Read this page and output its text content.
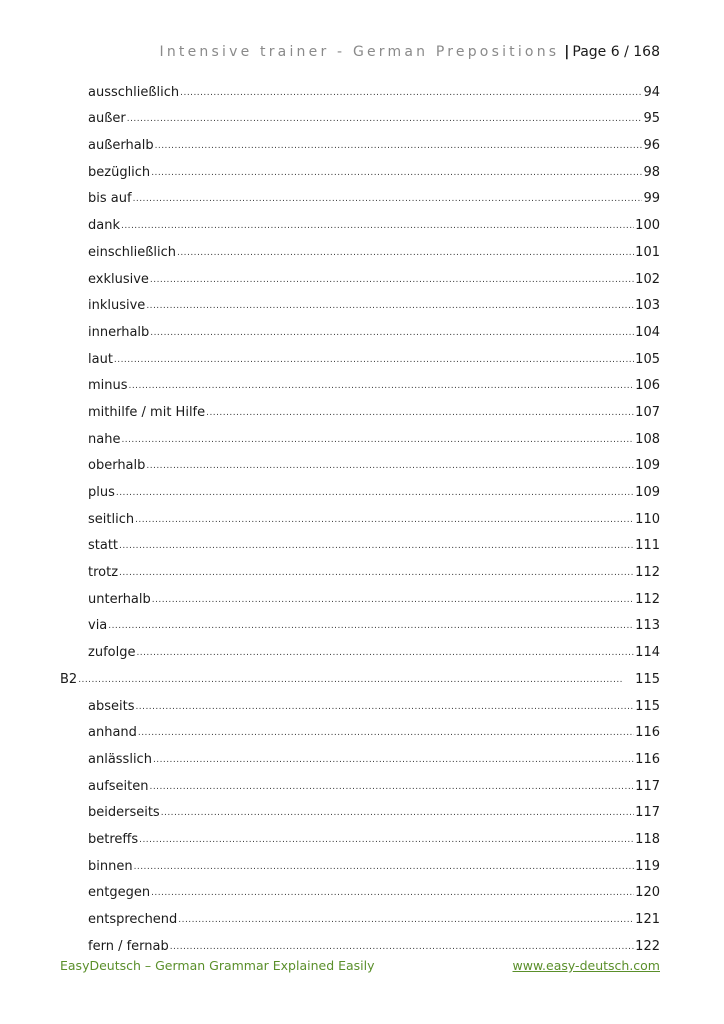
Intensive trainer - German Prepositions | Page 6 / 168
ausschließlich . . .	94
außer . . .	95
außerhalb . . .	96
bezüglich . . .	98
bis auf . . .	99
dank . . .	100
einschließlich . . .	101
exklusive . . .	102
inklusive . . .	103
innerhalb . . .	104
laut . . .	105
minus . . .	106
mithilfe / mit Hilfe . . .	107
nahe . . .	108
oberhalb . . .	109
plus . . .	109
seitlich . . .	110
statt . . .	111
trotz . . .	112
unterhalb . . .	112
via . . .	113
zufolge . . .	114
B2 . . .	115
abseits . . .	115
anhand . . .	116
anlässlich . . .	116
aufseiten . . .	117
beiderseits . . .	117
betreffs . . .	118
binnen . . .	119
entgegen . . .	120
entsprechend . . .	121
fern / fernab . . .	122
EasyDeutsch – German Grammar Explained Easily	www.easy-deutsch.com
